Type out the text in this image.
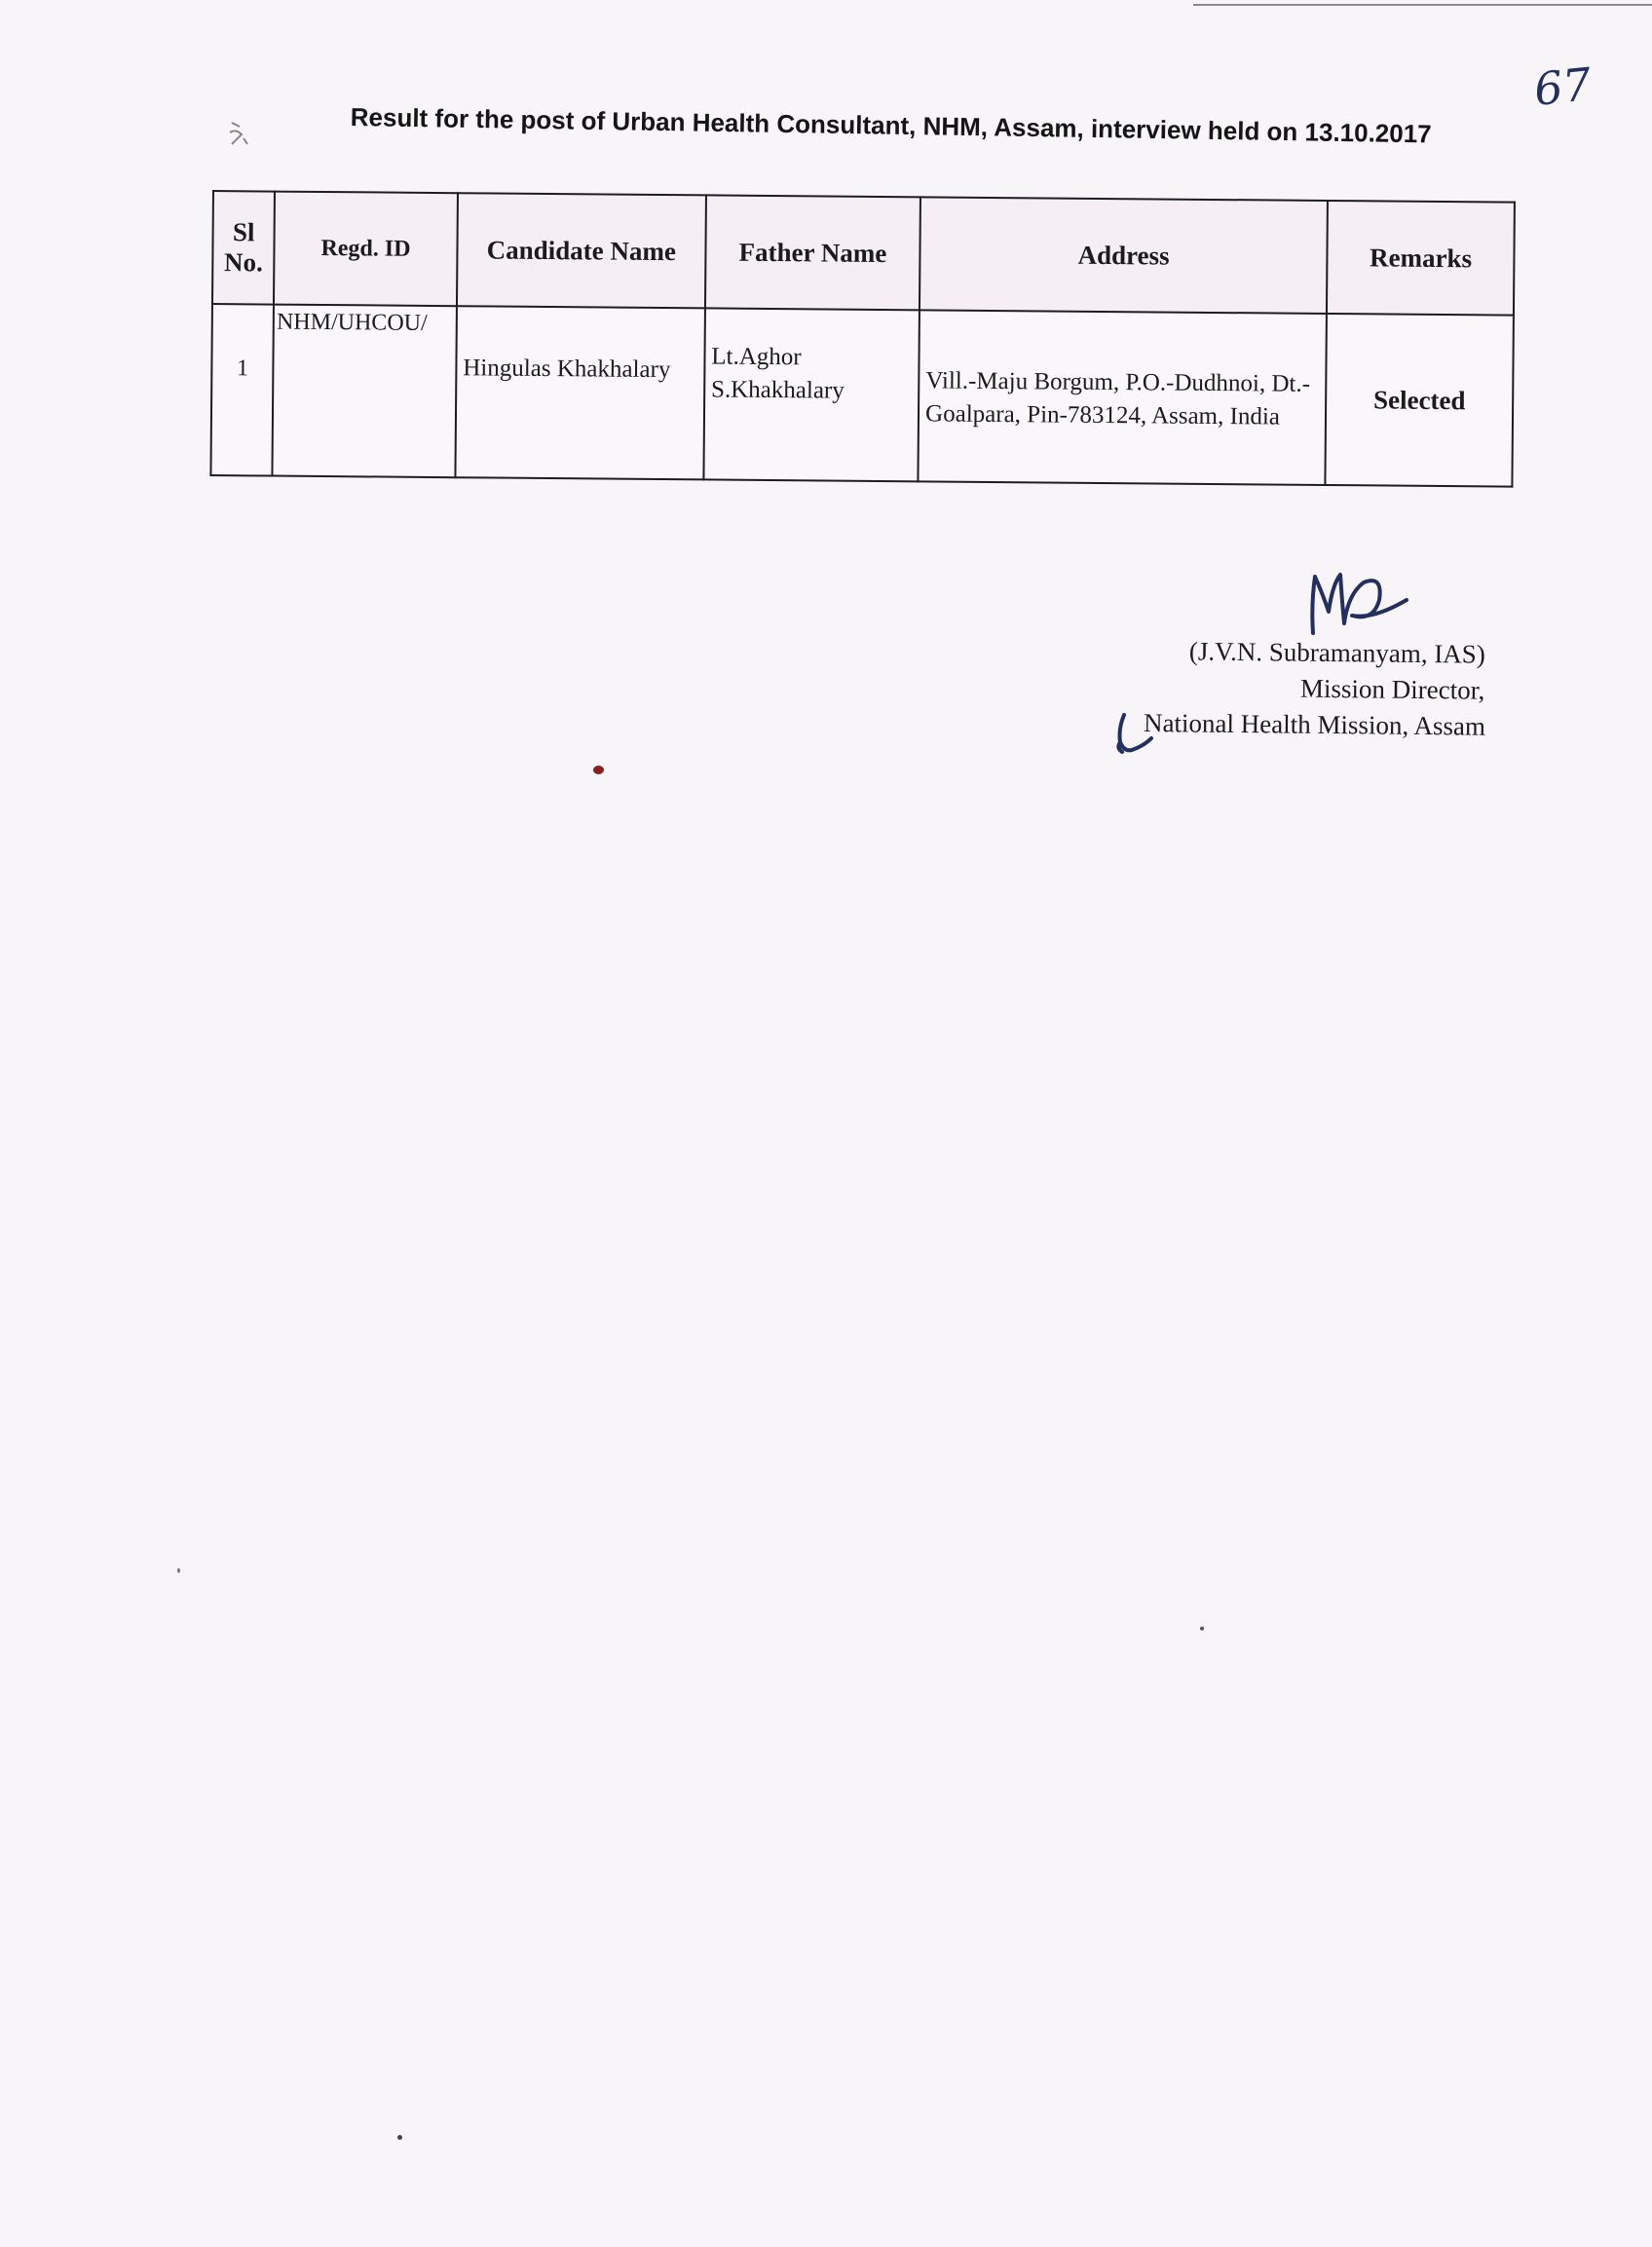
67
Result for the post of Urban Health Consultant, NHM, Assam, interview held on 13.10.2017
Sl No.	Regd. ID	Candidate Name	Father Name	Address	Remarks
1	NHM/UHCOU/	Hingulas Khakhalary	Lt.Aghor S.Khakhalary	Vill.-Maju Borgum, P.O.-Dudhnoi, Dt.-Goalpara, Pin-783124, Assam, India	Selected

(J.V.N. Subramanyam, IAS)

Mission Director,

National Health Mission, Assam
